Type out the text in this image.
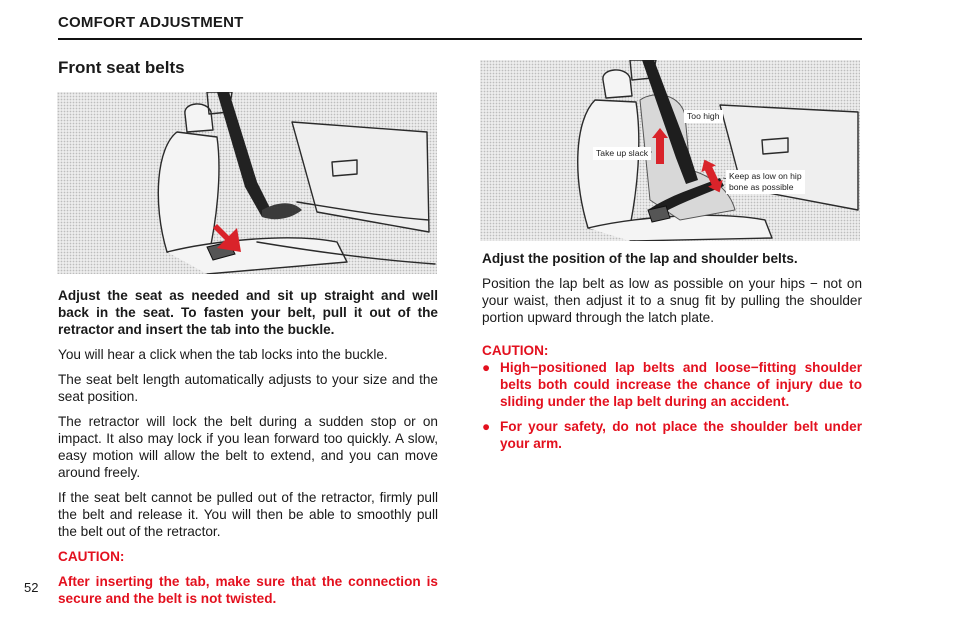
COMFORT ADJUSTMENT
Front seat belts
Too high
Take up slack
Keep as low on hip
bone as possible

Adjust the seat as needed and sit up straight and well back in the seat. To fasten your belt, pull it out of the retractor and insert the tab into the buckle.

You will hear a click when the tab locks into the buckle.

The seat belt length automatically adjusts to your size and the seat position.

The retractor will lock the belt during a sudden stop or on impact. It also may lock if you lean forward too quickly. A slow, easy motion will allow the belt to extend, and you can move around freely.

If the seat belt cannot be pulled out of the retractor, firmly pull the belt and release it. You will then be able to smoothly pull the belt out of the retractor.

CAUTION:

After inserting the tab, make sure that the connection is secure and the belt is not twisted.

Adjust the position of the lap and shoulder belts.

Position the lap belt as low as possible on your hips − not on your waist, then adjust it to a snug fit by pulling the shoulder portion upward through the latch plate.

CAUTION:

● High−positioned lap belts and loose−fitting shoulder belts both could increase the chance of injury due to sliding under the lap belt during an accident.
● For your safety, do not place the shoulder belt under your arm.
52
